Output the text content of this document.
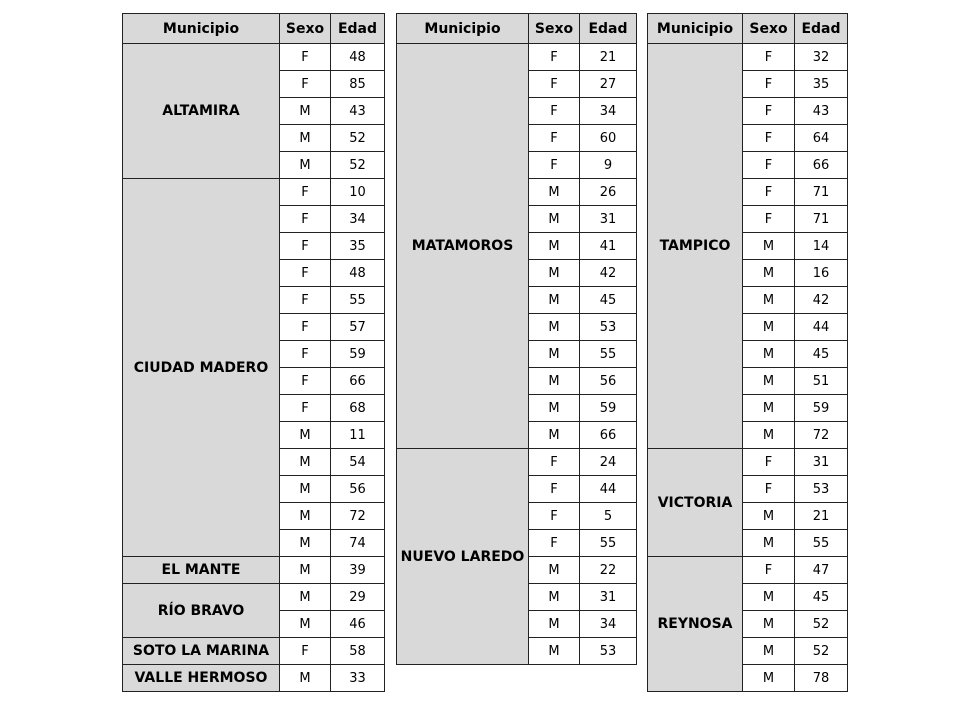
Municipio	Sexo	Edad
ALTAMIRA	F	48
	F	85
	M	43
	M	52
	M	52
CIUDAD MADERO	F	10
	F	34
	F	35
	F	48
	F	55
	F	57
	F	59
	F	66
	F	68
	M	11
	M	54
	M	56
	M	72
	M	74
EL MANTE	M	39
RÍO BRAVO	M	29
	M	46
SOTO LA MARINA	F	58
VALLE HERMOSO	M	33
Municipio	Sexo	Edad
MATAMOROS	F	21
	F	27
	F	34
	F	60
	F	9
	M	26
	M	31
	M	41
	M	42
	M	45
	M	53
	M	55
	M	56
	M	59
	M	66
NUEVO LAREDO	F	24
	F	44
	F	5
	F	55
	M	22
	M	31
	M	34
	M	53
Municipio	Sexo	Edad
TAMPICO	F	32
	F	35
	F	43
	F	64
	F	66
	F	71
	F	71
	M	14
	M	16
	M	42
	M	44
	M	45
	M	51
	M	59
	M	72
VICTORIA	F	31
	F	53
	M	21
	M	55
REYNOSA	F	47
	M	45
	M	52
	M	52
	M	78
